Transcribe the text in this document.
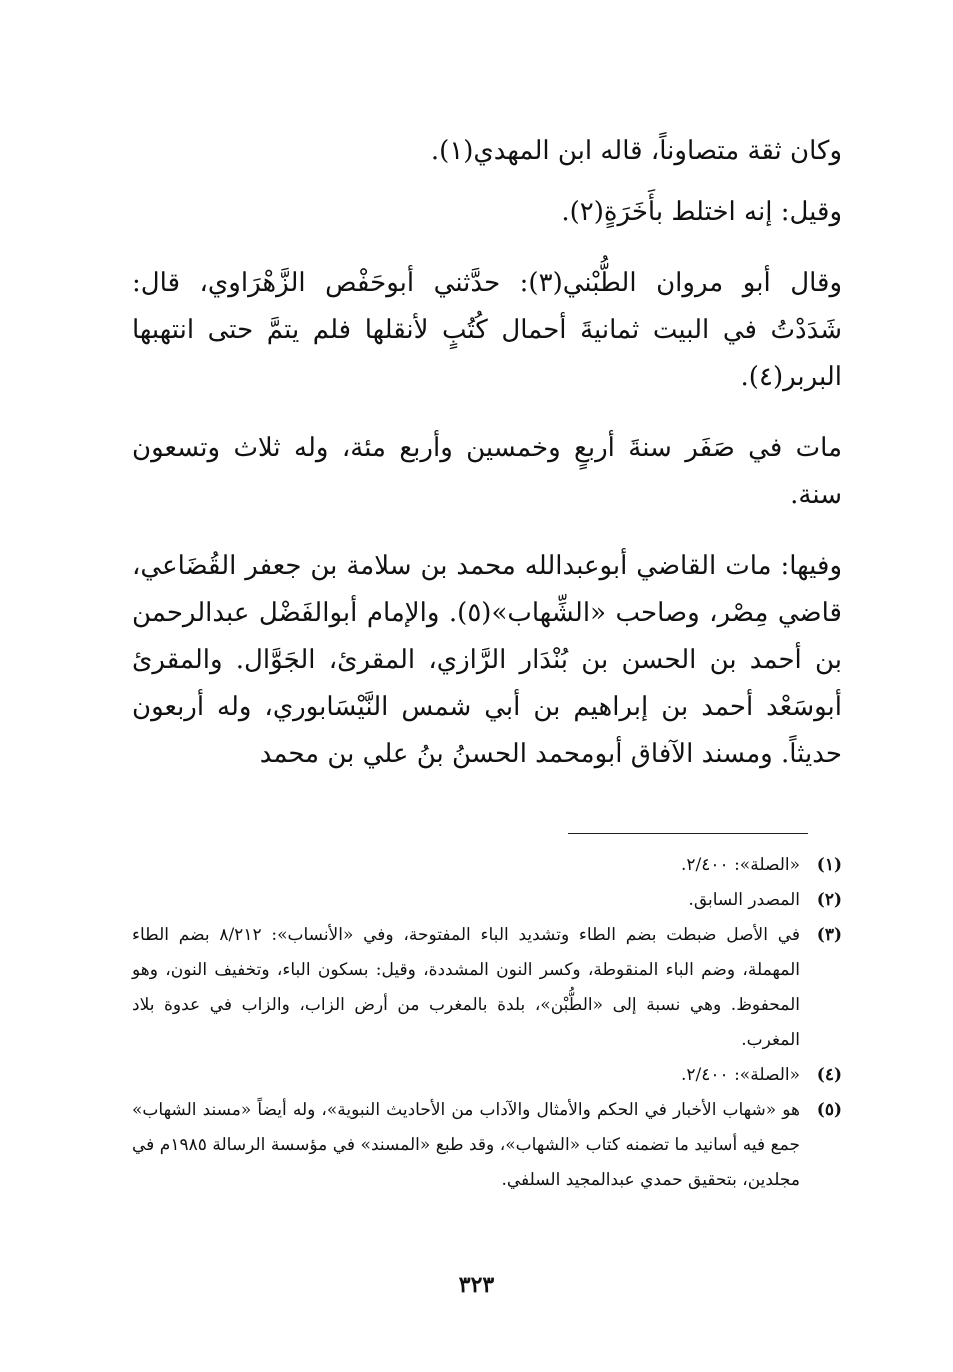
وكان ثقة متصاوناً، قاله ابن المهدي(١).

وقيل: إنه اختلط بأَخَرَةٍ(٢).

وقال أبو مروان الطُّبْني(٣): حدَّثني أبوحَفْص الزَّهْرَاوي، قال: شَدَدْتُ في البيت ثمانيةَ أحمال كُتُبٍ لأنقلها فلم يتمَّ حتى انتهبها البربر(٤).

مات في صَفَر سنةَ أربعٍ وخمسين وأربع مئة، وله ثلاث وتسعون سنة.

وفيها: مات القاضي أبوعبدالله محمد بن سلامة بن جعفر القُضَاعي، قاضي مِصْر، وصاحب «الشِّهاب»(٥). والإمام أبوالفَضْل عبدالرحمن بن أحمد بن الحسن بن بُنْدَار الرَّازي، المقرئ، الجَوَّال. والمقرئ أبوسَعْد أحمد بن إبراهيم بن أبي شمس النَّيْسَابوري، وله أربعون حديثاً. ومسند الآفاق أبومحمد الحسنُ بنُ علي بن محمد

(١)
«الصلة»: ٢/٤٠٠.
(٢)
المصدر السابق.
(٣)
في الأصل ضبطت بضم الطاء وتشديد الباء المفتوحة، وفي «الأنساب»: ٨/٢١٢ بضم الطاء المهملة، وضم الباء المنقوطة، وكسر النون المشددة، وقيل: بسكون الباء، وتخفيف النون، وهو المحفوظ. وهي نسبة إلى «الطُّبْن»، بلدة بالمغرب من أرض الزاب، والزاب في عدوة بلاد المغرب.
(٤)
«الصلة»: ٢/٤٠٠.
(٥)
هو «شهاب الأخبار في الحكم والأمثال والآداب من الأحاديث النبوية»، وله أيضاً «مسند الشهاب» جمع فيه أسانيد ما تضمنه كتاب «الشهاب»، وقد طبع «المسند» في مؤسسة الرسالة ١٩٨٥م في مجلدين، بتحقيق حمدي عبدالمجيد السلفي.
٣٢٣
